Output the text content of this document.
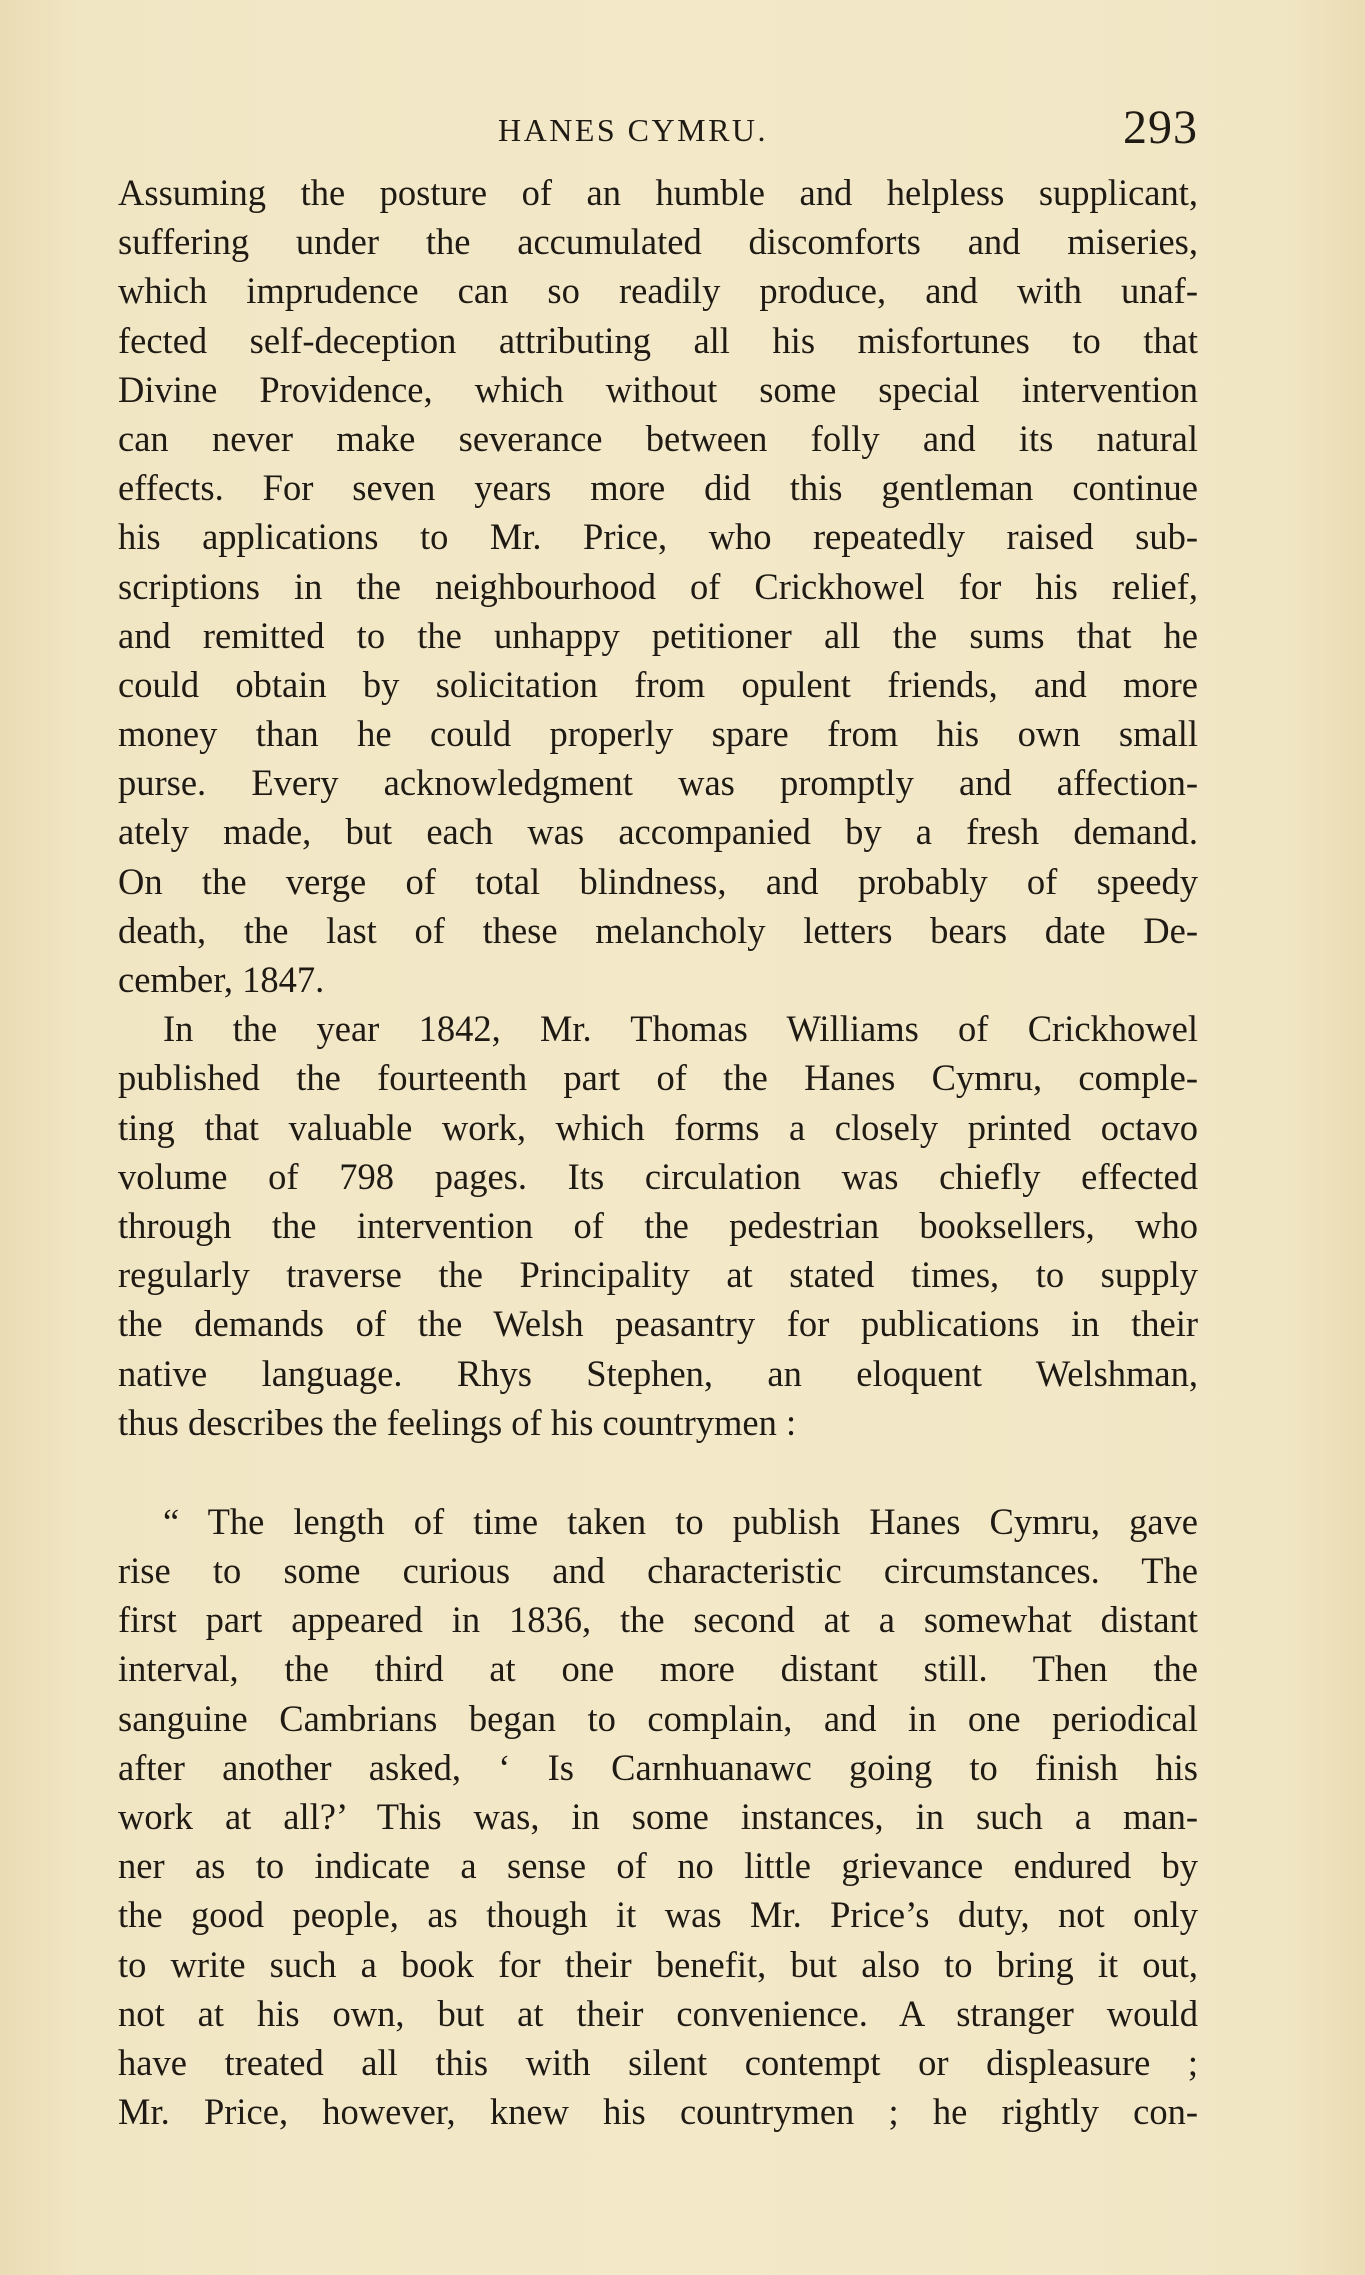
HANES CYMRU.	293
Assuming the posture of an humble and helpless supplicant,
suffering under the accumulated discomforts and miseries,
which imprudence can so readily produce, and with unaf-
fected self-deception attributing all his misfortunes to that
Divine Providence, which without some special intervention
can never make severance between folly and its natural
effects. For seven years more did this gentleman continue
his applications to Mr. Price, who repeatedly raised sub-
scriptions in the neighbourhood of Crickhowel for his relief,
and remitted to the unhappy petitioner all the sums that he
could obtain by solicitation from opulent friends, and more
money than he could properly spare from his own small
purse. Every acknowledgment was promptly and affection-
ately made, but each was accompanied by a fresh demand.
On the verge of total blindness, and probably of speedy
death, the last of these melancholy letters bears date De-
cember, 1847.
In the year 1842, Mr. Thomas Williams of Crickhowel
published the fourteenth part of the Hanes Cymru, comple-
ting that valuable work, which forms a closely printed octavo
volume of 798 pages. Its circulation was chiefly effected
through the intervention of the pedestrian booksellers, who
regularly traverse the Principality at stated times, to supply
the demands of the Welsh peasantry for publications in their
native language. Rhys Stephen, an eloquent Welshman,
thus describes the feelings of his countrymen :
“ The length of time taken to publish Hanes Cymru, gave
rise to some curious and characteristic circumstances. The
first part appeared in 1836, the second at a somewhat distant
interval, the third at one more distant still. Then the
sanguine Cambrians began to complain, and in one periodical
after another asked, ‘ Is Carnhuanawc going to finish his
work at all?’ This was, in some instances, in such a man-
ner as to indicate a sense of no little grievance endured by
the good people, as though it was Mr. Price’s duty, not only
to write such a book for their benefit, but also to bring it out,
not at his own, but at their convenience. A stranger would
have treated all this with silent contempt or displeasure ;
Mr. Price, however, knew his countrymen ; he rightly con-
